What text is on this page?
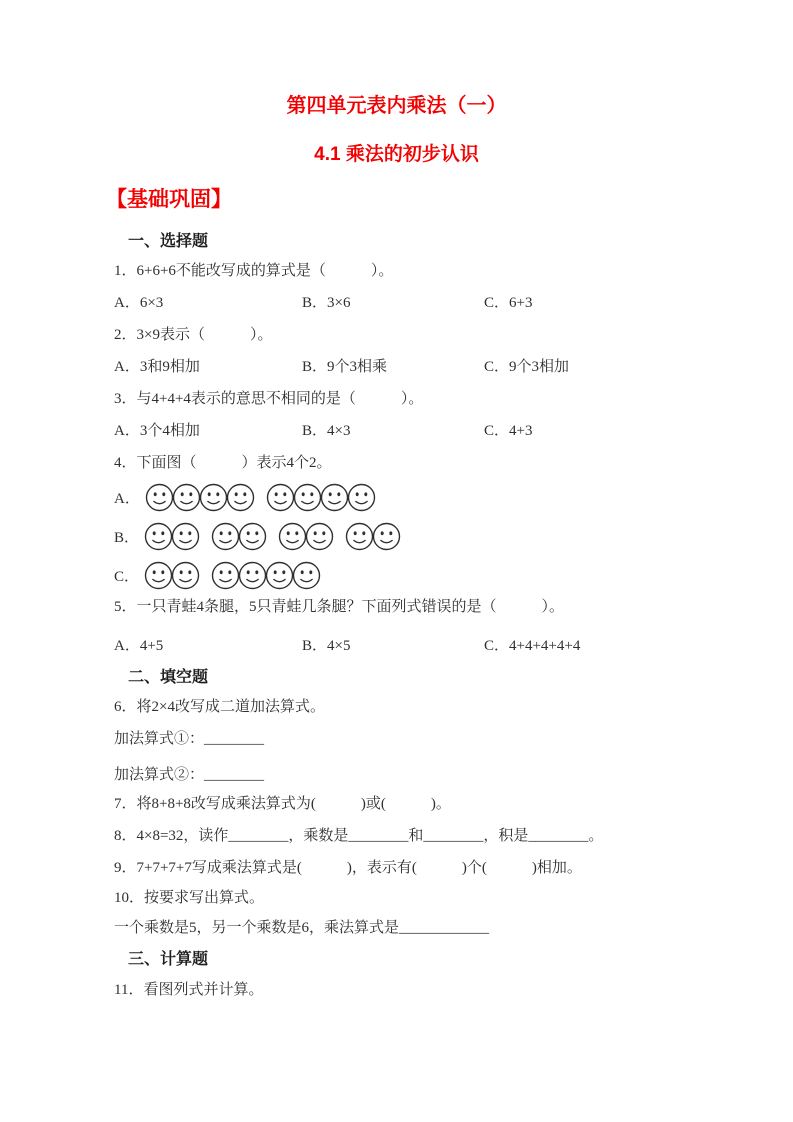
第四单元表内乘法（一）
4.1 乘法的初步认识
【基础巩固】
一、选择题

1．6+6+6不能改写成的算式是（　　　）。

A．6×3	B．3×6	C．6+3

2．3×9表示（　　　）。

A．3和9相加	B．9个3相乘	C．9个3相加

3．与4+4+4表示的意思不相同的是（　　　）。

A．3个4相加	B．4×3	C．4+3

4．下面图（　　　）表示4个2。

A．
B．
C．

5．一只青蛙4条腿，5只青蛙几条腿？下面列式错误的是（　　　）。

A．4+5	B．4×5	C．4+4+4+4+4
二、填空题

6．将2×4改写成二道加法算式。

加法算式①：________

加法算式②：________

7．将8+8+8改写成乘法算式为(　　　)或(　　　)。

8．4×8=32，读作________，乘数是________和________，积是________。

9．7+7+7+7写成乘法算式是(　　　)，表示有(　　　)个(　　　)相加。

10．按要求写出算式。

一个乘数是5，另一个乘数是6，乘法算式是____________

三、计算题

11．看图列式并计算。
